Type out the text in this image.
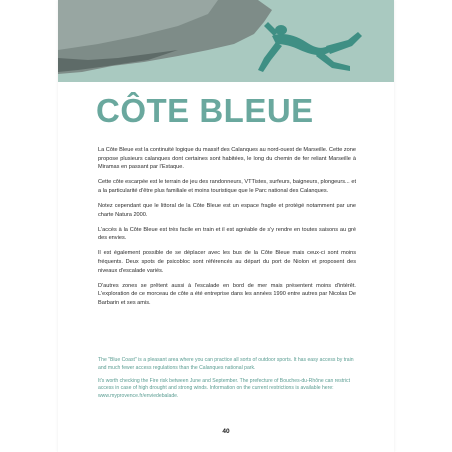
CÔTE BLEUE

La Côte Bleue est la continuité logique du massif des Calanques au nord-ouest de Marseille. Cette zone propose plusieurs calanques dont certaines sont habitées, le long du chemin de fer reliant Marseille à Miramas en passant par l'Estaque.

Cette côte escarpée est le terrain de jeu des randonneurs, VTTistes, surfeurs, baigneurs, plongeurs... et a la particularité d'être plus familiale et moins touristique que le Parc national des Calanques.

Notez cependant que le littoral de la Côte Bleue est un espace fragile et protégé notamment par une charte Natura 2000.

L'accès à la Côte Bleue est très facile en train et il est agréable de s'y rendre en toutes saisons au gré des envies.

Il est également possible de se déplacer avec les bus de la Côte Bleue mais ceux-ci sont moins fréquents. Deux spots de psicobloc sont référencés au départ du port de Niolon et proposent des niveaux d'escalade variés.

D'autres zones se prêtent aussi à l'escalade en bord de mer mais présentent moins d'intérêt. L'exploration de ce morceau de côte a été entreprise dans les années 1990 entre autres par Nicolas De Barbarin et ses amis.

The "Blue Coast" is a pleasant area where you can practice all sorts of outdoor sports. It has easy access by train and much fewer access regulations than the Calanques national park.

It's worth checking the Fire risk between June and September. The prefecture of Bouches-du-Rhône can restrict access in case of high drought and strong winds. Information on the current restrictions is available here: www.myprovence.fr/enviedebalade.

40
